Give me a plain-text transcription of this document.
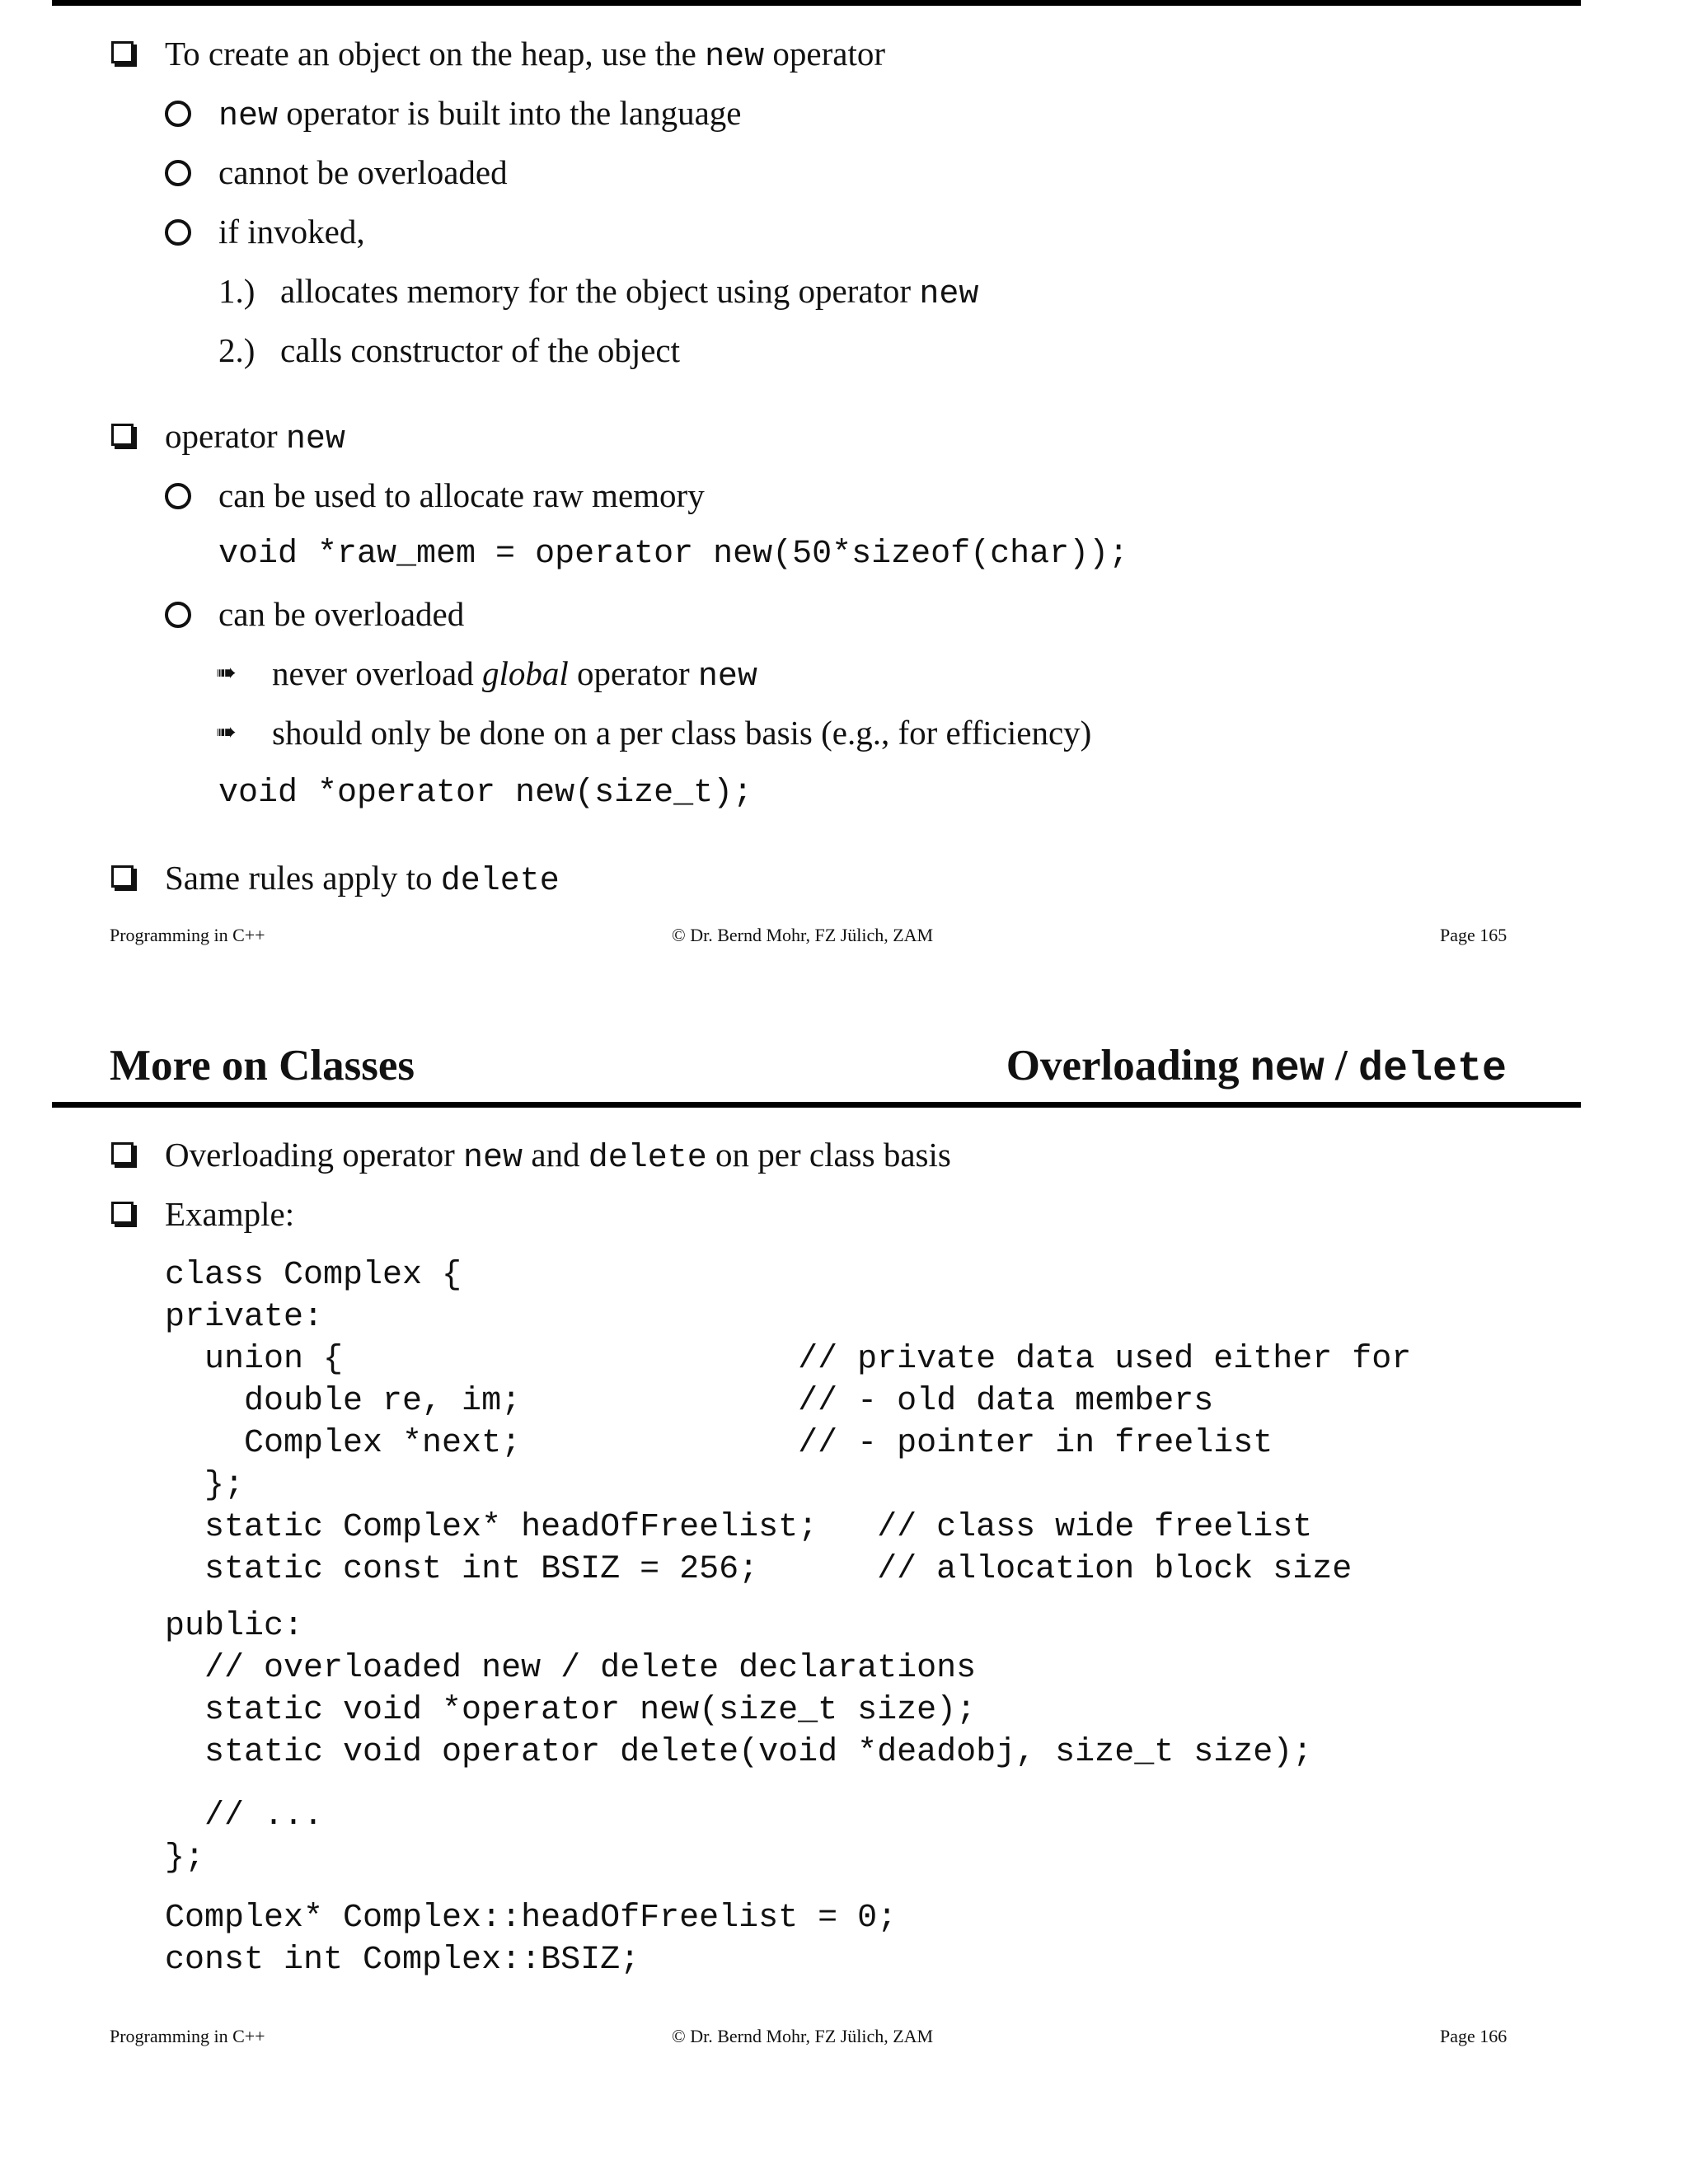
To create an object on the heap, use the new operator
new operator is built into the language
cannot be overloaded
if invoked,
1.) allocates memory for the object using operator new
2.) calls constructor of the object
operator new
can be used to allocate raw memory
void *raw_mem = operator new(50*sizeof(char));
can be overloaded
➠ never overload global operator new
➠ should only be done on a per class basis (e.g., for efficiency)
void *operator new(size_t);
Same rules apply to delete
Programming in C++	© Dr. Bernd Mohr, FZ Jülich, ZAM	Page 165
More on Classes	Overloading new / delete
Overloading operator new and delete on per class basis
Example:
class Complex {
private:
union {                       // private data used either for
double re, im;              // - old data members
Complex *next;              // - pointer in freelist
};
static Complex* headOfFreelist;   // class wide freelist
static const int BSIZ = 256;      // allocation block size
public:
// overloaded new / delete declarations
static void *operator new(size_t size);
static void operator delete(void *deadobj, size_t size);
// ...
};
Complex* Complex::headOfFreelist = 0;
const int Complex::BSIZ;
Programming in C++	© Dr. Bernd Mohr, FZ Jülich, ZAM	Page 166
